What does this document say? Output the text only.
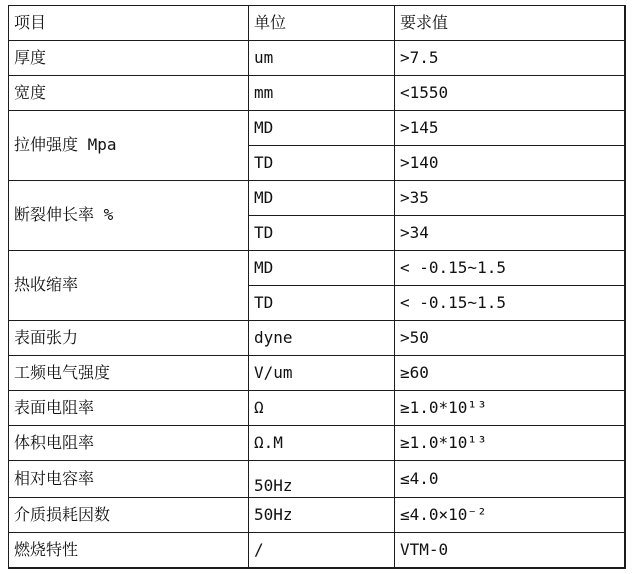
项目	单位	要求值
厚度	um	>7.5
宽度	mm	<1550
拉伸强度 Mpa	MD	>145
	TD	>140
断裂伸长率 %	MD	>35
	TD	>34
热收缩率	MD	< -0.15~1.5
	TD	< -0.15~1.5
表面张力	dyne	>50
工频电气强度	V/um	≥60
表面电阻率	Ω	≥1.0*10¹³
体积电阻率	Ω.M	≥1.0*10¹³
相对电容率	50Hz	≤4.0
介质损耗因数	50Hz	≤4.0×10⁻²
燃烧特性	/	VTM-0
